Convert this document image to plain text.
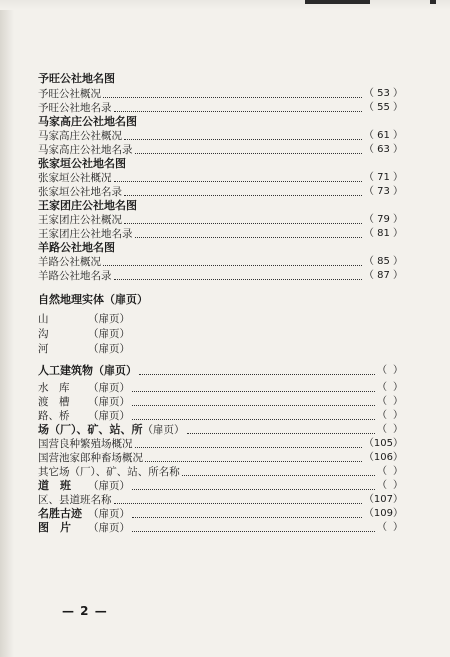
予旺公社地名图
予旺公社概况	（ 53 ）
予旺公社地名录	（ 55 ）
马家高庄公社地名图
马家高庄公社概况	（ 61 ）
马家高庄公社地名录	（ 63 ）
张家垣公社地名图
张家垣公社概况	（ 71 ）
张家垣公社地名录	（ 73 ）
王家团庄公社地名图
王家团庄公社概况	（ 79 ）
王家团庄公社地名录	（ 81 ）
羊路公社地名图
羊路公社概况	（ 85 ）
羊路公社地名录	（ 87 ）
自然地理实体（扉页）
山	（扉页）
沟	（扉页）
河	（扉页）
人工建筑物（扉页）	（ ）
水　库	（扉页）	（ ）
渡　槽	（扉页）	（ ）
路、桥	（扉页）	（ ）
场（厂）、矿、站、所 （扉页）	（ ）
国营良种繁殖场概况	（105）
国营池家郎种畜场概况	（106）
其它场（厂）、矿、站、所名称	（ ）
道　班	（扉页）	（ ）
区、县道班名称	（107）
名胜古迹 （扉页）	（109）
图　片	（扉页）	（ ）
— 2 —
